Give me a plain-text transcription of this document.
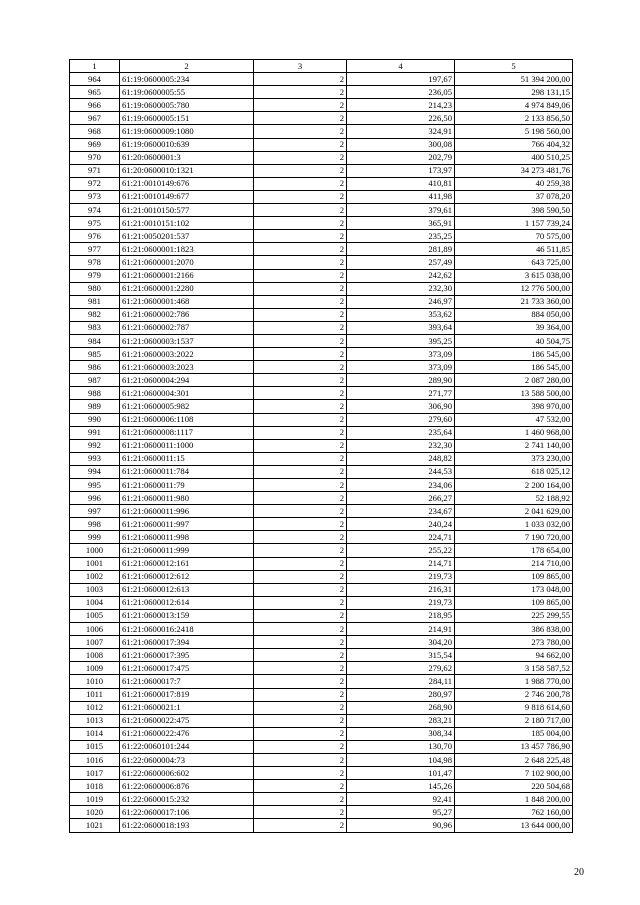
1	2	3	4	5
964	61:19:0600005:234	2	197,67	51 394 200,00
965	61:19:0600005:55	2	236,05	298 131,15
966	61:19:0600005:780	2	214,23	4 974 849,06
967	61:19:0600005:151	2	226,50	2 133 856,50
968	61:19:0600009:1080	2	324,91	5 198 560,00
969	61:19:0600010:639	2	300,08	766 404,32
970	61:20:0600001:3	2	202,79	400 510,25
971	61:20:0600010:1321	2	173,97	34 273 481,76
972	61:21:0010149:676	2	410,81	40 259,38
973	61:21:0010149:677	2	411,98	37 078,20
974	61:21:0010150:577	2	379,61	398 590,50
975	61:21:0010151:102	2	365,91	1 157 739,24
976	61:21:0050201:537	2	235,25	70 575,00
977	61:21:0600001:1823	2	281,89	46 511,85
978	61:21:0600001:2070	2	257,49	643 725,00
979	61:21:0600001:2166	2	242,62	3 615 038,00
980	61:21:0600001:2280	2	232,30	12 776 500,00
981	61:21:0600001:468	2	246,97	21 733 360,00
982	61:21:0600002:786	2	353,62	884 050,00
983	61:21:0600002:787	2	393,64	39 364,00
984	61:21:0600003:1537	2	395,25	40 504,75
985	61:21:0600003:2022	2	373,09	186 545,00
986	61:21:0600003:2023	2	373,09	186 545,00
987	61:21:0600004:294	2	289,90	2 087 280,00
988	61:21:0600004:301	2	271,77	13 588 500,00
989	61:21:0600005:982	2	306,90	398 970,00
990	61:21:0600006:1108	2	279,60	47 532,00
991	61:21:0600008:1117	2	235,64	1 460 968,00
992	61:21:0600011:1000	2	232,30	2 741 140,00
993	61:21:0600011:15	2	248,82	373 230,00
994	61:21:0600011:784	2	244,53	618 025,12
995	61:21:0600011:79	2	234,06	2 200 164,00
996	61:21:0600011:980	2	266,27	52 188,92
997	61:21:0600011:996	2	234,67	2 041 629,00
998	61:21:0600011:997	2	240,24	1 033 032,00
999	61:21:0600011:998	2	224,71	7 190 720,00
1000	61:21:0600011:999	2	255,22	178 654,00
1001	61:21:0600012:161	2	214,71	214 710,00
1002	61:21:0600012:612	2	219,73	109 865,00
1003	61:21:0600012:613	2	216,31	173 048,00
1004	61:21:0600012:614	2	219,73	109 865,00
1005	61:21:0600013:159	2	218,95	225 299,55
1006	61:21:0600016:2418	2	214,91	386 838,00
1007	61:21:0600017:394	2	304,20	273 780,00
1008	61:21:0600017:395	2	315,54	94 662,00
1009	61:21:0600017:475	2	279,62	3 158 587,52
1010	61:21:0600017:7	2	284,11	1 988 770,00
1011	61:21:0600017:819	2	280,97	2 746 200,78
1012	61:21:0600021:1	2	268,90	9 818 614,60
1013	61:21:0600022:475	2	283,21	2 180 717,00
1014	61:21:0600022:476	2	308,34	185 004,00
1015	61:22:0060101:244	2	130,70	13 457 786,90
1016	61:22:0600004:73	2	104,98	2 648 225,48
1017	61:22:0600006:602	2	101,47	7 102 900,00
1018	61:22:0600006:876	2	145,26	220 504,68
1019	61:22:0600015:232	2	92,41	1 848 200,00
1020	61:22:0600017:106	2	95,27	762 160,00
1021	61:22:0600018:193	2	90,96	13 644 000,00
20
